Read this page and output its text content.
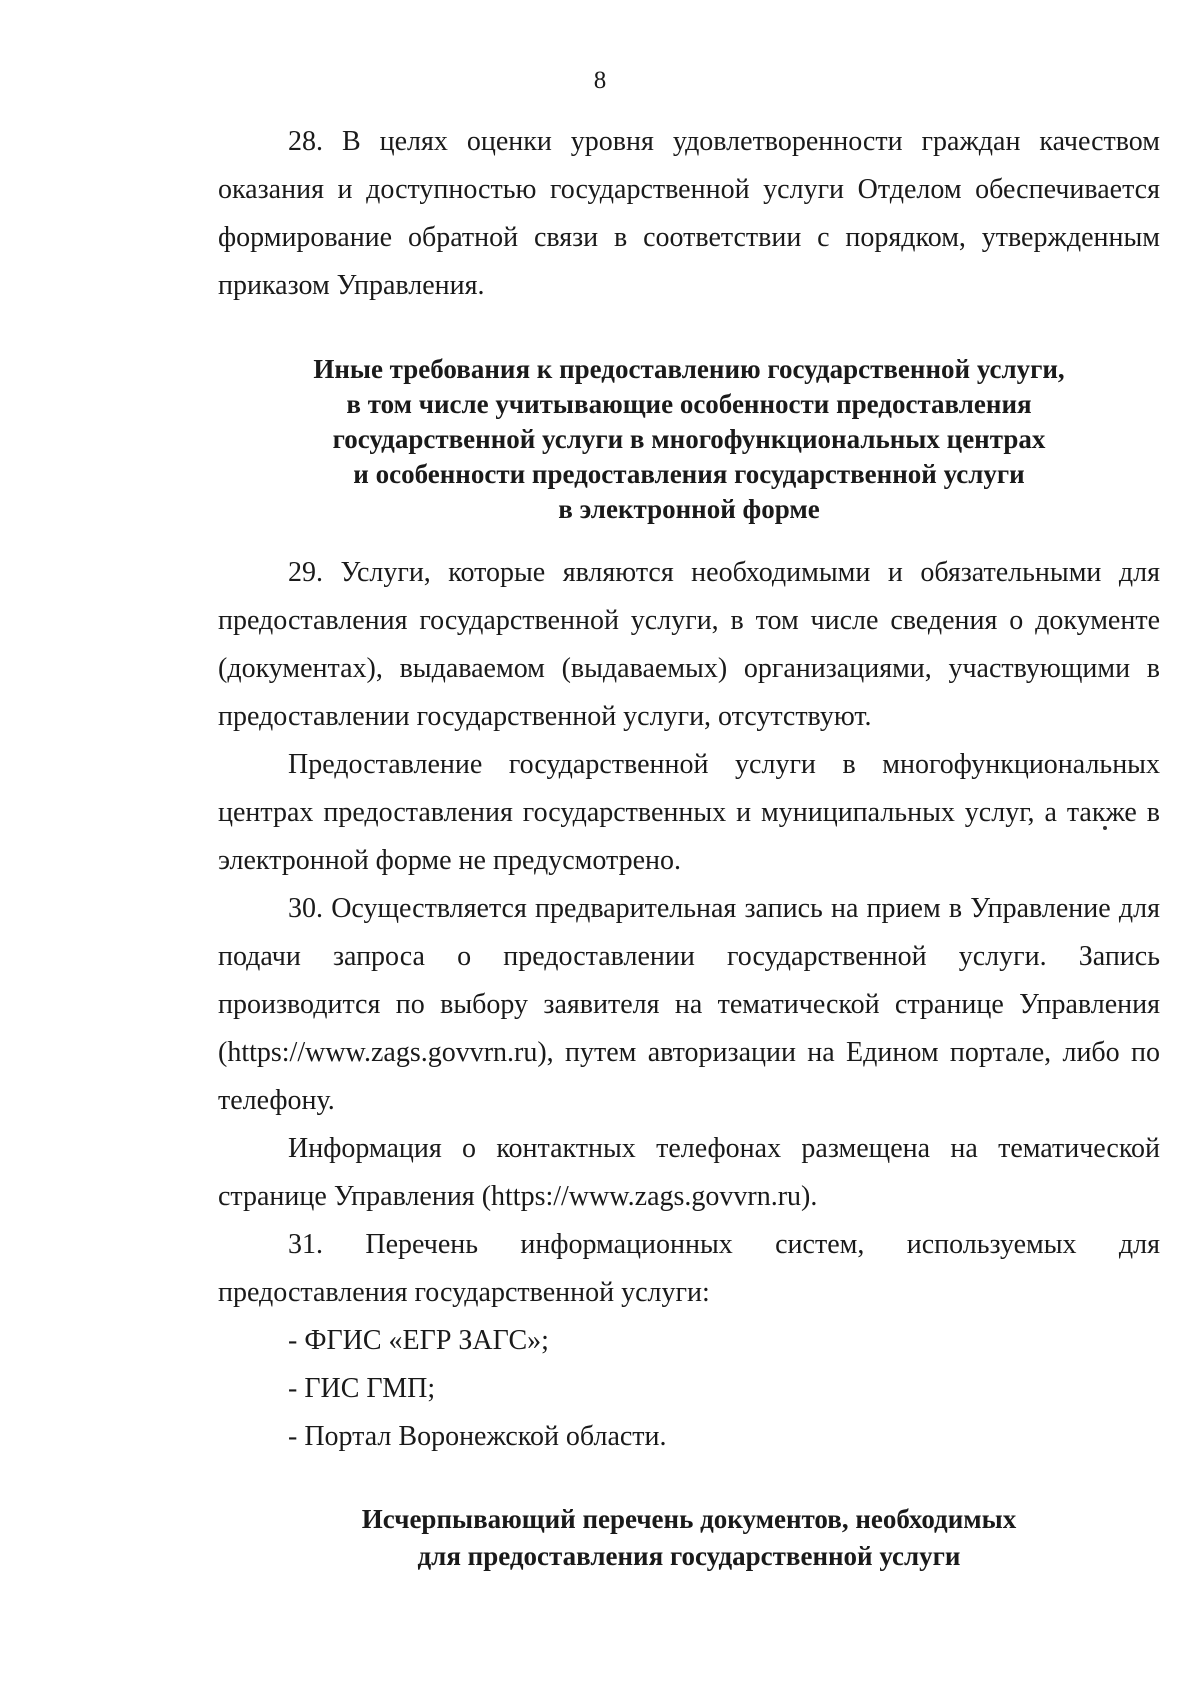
8

28. В целях оценки уровня удовлетворенности граждан качеством оказания и доступностью государственной услуги Отделом обеспечивается формирование обратной связи в соответствии с порядком, утвержденным приказом Управления.

Иные требования к предоставлению государственной услуги,
в том числе учитывающие особенности предоставления
государственной услуги в многофункциональных центрах
и особенности предоставления государственной услуги
в электронной форме

29. Услуги, которые являются необходимыми и обязательными для предоставления государственной услуги, в том числе сведения о документе (документах), выдаваемом (выдаваемых) организациями, участвующими в предоставлении государственной услуги, отсутствуют.

Предоставление государственной услуги в многофункциональных центрах предоставления государственных и муниципальных услуг, а также в электронной форме не предусмотрено.

30. Осуществляется предварительная запись на прием в Управление для подачи запроса о предоставлении государственной услуги. Запись производится по выбору заявителя на тематической странице Управления (https://www.zags.govvrn.ru), путем авторизации на Едином портале, либо по телефону.

Информация о контактных телефонах размещена на тематической странице Управления (https://www.zags.govvrn.ru).

31. Перечень информационных систем, используемых для предоставления государственной услуги:

- ФГИС «ЕГР ЗАГС»;

- ГИС ГМП;

- Портал Воронежской области.

Исчерпывающий перечень документов, необходимых
для предоставления государственной услуги
